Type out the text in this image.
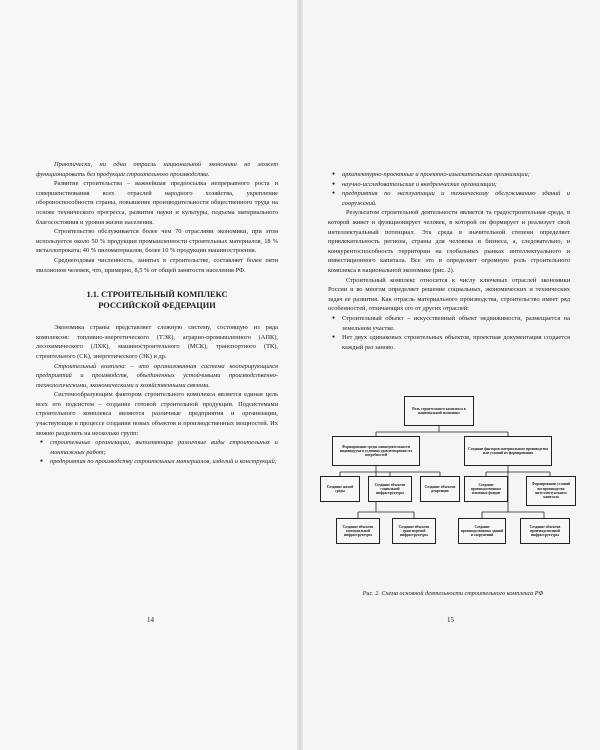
Практически, ни одна отрасль национальной экономики не может функционировать без продукции строительного производства.

Развитие строительства – важнейшая предпосылка непрерывного роста и совершенствования всех отраслей народного хозяйства, укрепление обороноспособности страны, повышение производительности общественного труда на основе технического прогресса, развития науки и культуры, подъема материального благосостояния и уровня жизни населения.

Строительство обслуживается более чем 70 отраслями экономики, при этом используется около 50 % продукции промышленности строительных материалов, 18 % металлопроката; 40 % пиломатериалов, более 10 % продукции машиностроения.

Среднегодовая численность, занятых в строительстве, составляет более пяти миллионов человек, что, примерно, 8,5 % от общей занятости населения РФ.

1.1. СТРОИТЕЛЬНЫЙ КОМПЛЕКС
РОССИЙСКОЙ ФЕДЕРАЦИИ

Экономика страны представляет сложную систему, состоящую из ряда комплексов: топливно-энергетического (ТЭК), аграрно-промышленного (АПК), лесохимического (ЛХК), машиностроительного (МСК), транспортного (ТК), строительного (СК), энергетического (ЭК) и др.

Строительный комплекс – это организованная система кооперирующихся предприятий и производств, объединенных устойчивыми производственно-технологическими, экономическими и хозяйственными связями.

Системообразующим фактором строительного комплекса является единая цель всех его подсистем – создание готовой строительной продукции. Подсистемами строительного комплекса являются различные предприятия и организации, участвующие в процессе создания новых объектов и производственных мощностей. Их можно разделить на несколько групп:

● строительные организации, выполняющие различные виды строительных и монтажных работ;

● предприятия по производству строительных материалов, изделий и конструкций;

14

● архитектурно-проектные и проектно-изыскательские организации;

● научно-исследовательские и внедренческие организации;

● предприятия по эксплуатации и техническому обслуживанию зданий и сооружений.

Результатом строительной деятельности является та градостроительная среда, в которой живет и функционирует человек, в которой он формирует и реализует свой интеллектуальный потенциал. Эта среда в значительной степени определяет привлекательность региона, страны для человека и бизнеса, а, следовательно, и конкурентоспособность территории на глобальных рынках интеллектуального и инвестиционного капитала. Все это и определяет огромную роль строительного комплекса в национальной экономике (рис. 2).

Строительный комплекс относится к числу ключевых отраслей экономики России и во многом определяет решение социальных, экономических и технических задач ее развития. Как отрасль материального производства, строительство имеет ряд особенностей, отличающих его от других отраслей:

● Строительный объект – искусственный объект недвижимости, размещается на земельном участке.

● Нет двух одинаковых строительных объектов, проектная документация создается каждый раз заново.

Роль строительного комплекса в национальной экономике
Формирование среды жизнедеятельности индивидуума в условиях удовлетворения его потребностей
Создание факторов материального производства или условий их формирования
Создание жилой среды
Создание объектов социальной инфраструктуры
Создание объектов рекреации
Создание объектов коммунальной инфраструктуры
Создание объектов транспортной инфраструктуры
Создание производственных основных фондов
Формирование условий воспроизводства интеллектуального капитала
Создание производственных зданий и сооружений
Создание объектов производственной инфраструктуры
Рис. 2. Схема основной деятельности строительного комплекса РФ
15
